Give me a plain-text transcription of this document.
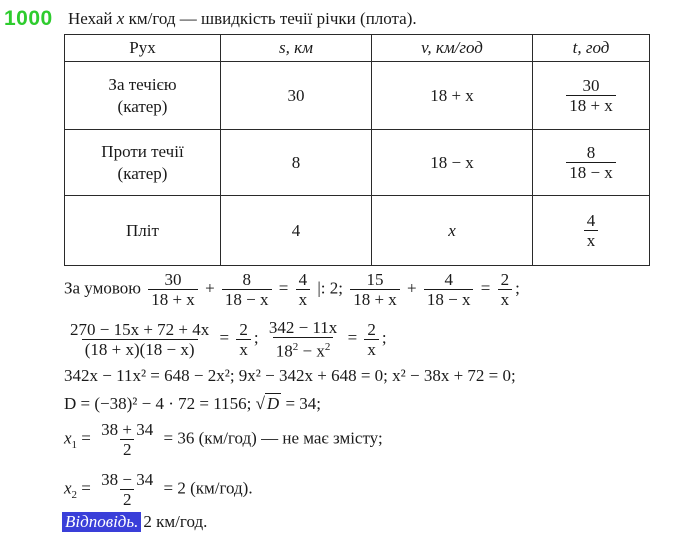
1000 Нехай x км/год — швидкість течії річки (плота).
Рух	s, км	v, км/год	t, год
За течією
(катер)	30	18 + x	$\frac{30}{18 + x}$

Проти течії
(катер)	8	18 − x	$\frac{8}{18 - x}$

Пліт	4	x	$\frac{4}{x}$
За умовою $\frac{30}{18 + x} + \frac{8}{18 - x} = \frac{4}{x}$ |: 2; $\frac{15}{18 + x} + \frac{4}{18 - x} = \frac{2}{x}$ ;
$\frac{270 - 15x + 72 + 4x}{(18 + x)(18 - x)} = \frac{2}{x}$ ; $\frac{342 - 11x}{18^2 - x^2} = \frac{2}{x}$ ;
342x − 11x² = 648 − 2x²; 9x² − 342x + 648 = 0; x² − 38x + 72 = 0;
D = (−38)² − 4 · 72 = 1156; √ D = 34;
$x_1 = \frac{38 + 34}{2} = 36$ (км/год) — не має змісту;
$x_2 = \frac{38 - 34}{2} = 2$ (км/год).
Відповідь. 2 км/год.
